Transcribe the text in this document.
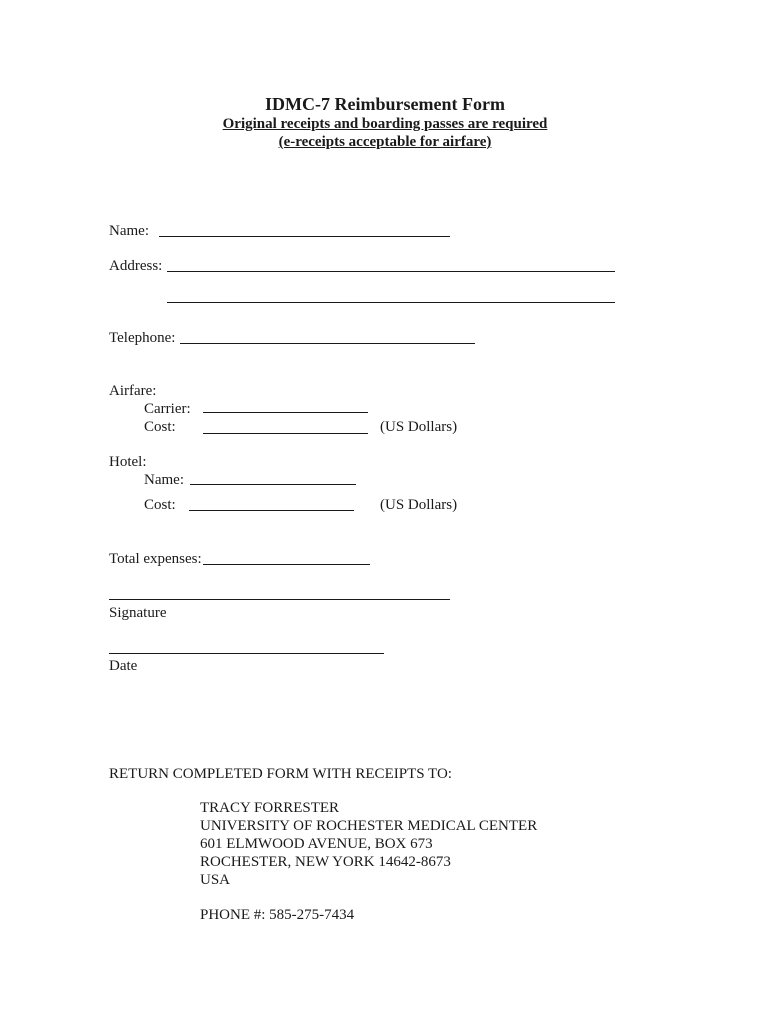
IDMC-7 Reimbursement Form
Original receipts and boarding passes are required
(e-receipts acceptable for airfare)
Name:
Address:
Telephone:
Airfare:
Carrier:
Cost:	(US Dollars)
Hotel:
Name:
Cost:	(US Dollars)
Total expenses:
Signature
Date
RETURN COMPLETED FORM WITH RECEIPTS TO:
TRACY FORRESTER
UNIVERSITY OF ROCHESTER MEDICAL CENTER
601 ELMWOOD AVENUE, BOX 673
ROCHESTER, NEW YORK 14642-8673
USA
PHONE #: 585-275-7434
